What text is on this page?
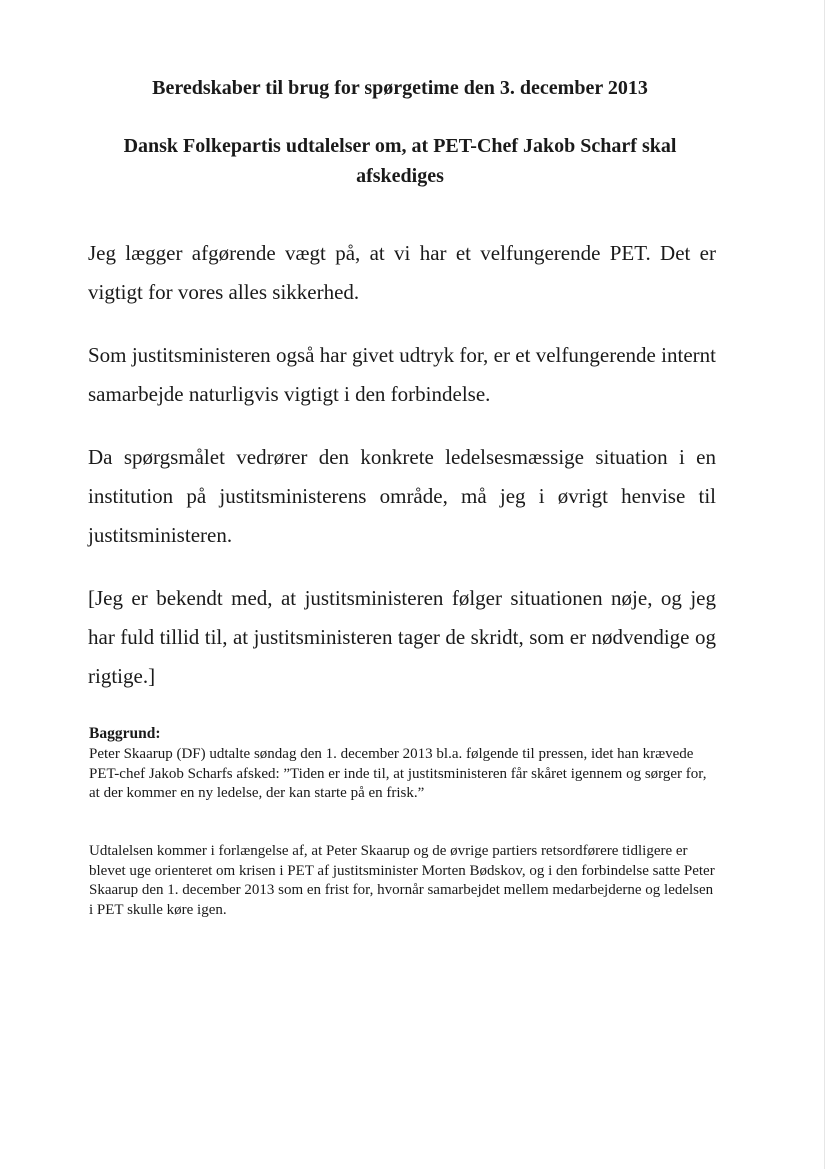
Beredskaber til brug for spørgetime den 3. december 2013
Dansk Folkepartis udtalelser om, at PET-Chef Jakob Scharf skal afskediges

Jeg lægger afgørende vægt på, at vi har et velfungerende PET. Det er vigtigt for vores alles sikkerhed.

Som justitsministeren også har givet udtryk for, er et velfungerende internt samarbejde naturligvis vigtigt i den forbindelse.

Da spørgsmålet vedrører den konkrete ledelsesmæssige situation i en institution på justitsministerens område, må jeg i øvrigt henvise til justitsministeren.

[Jeg er bekendt med, at justitsministeren følger situationen nøje, og jeg har fuld tillid til, at justitsministeren tager de skridt, som er nødvendige og rigtige.]

Baggrund:

Peter Skaarup (DF) udtalte søndag den 1. december 2013 bl.a. følgende til pressen, idet han krævede PET-chef Jakob Scharfs afsked: ”Tiden er inde til, at justitsministeren får skåret igennem og sørger for, at der kommer en ny ledelse, der kan starte på en frisk.”

Udtalelsen kommer i forlængelse af, at Peter Skaarup og de øvrige partiers retsordførere tidligere er blevet uge orienteret om krisen i PET af justitsminister Morten Bødskov, og i den forbindelse satte Peter Skaarup den 1. december 2013 som en frist for, hvornår samarbejdet mellem medarbejderne og ledelsen i PET skulle køre igen.
